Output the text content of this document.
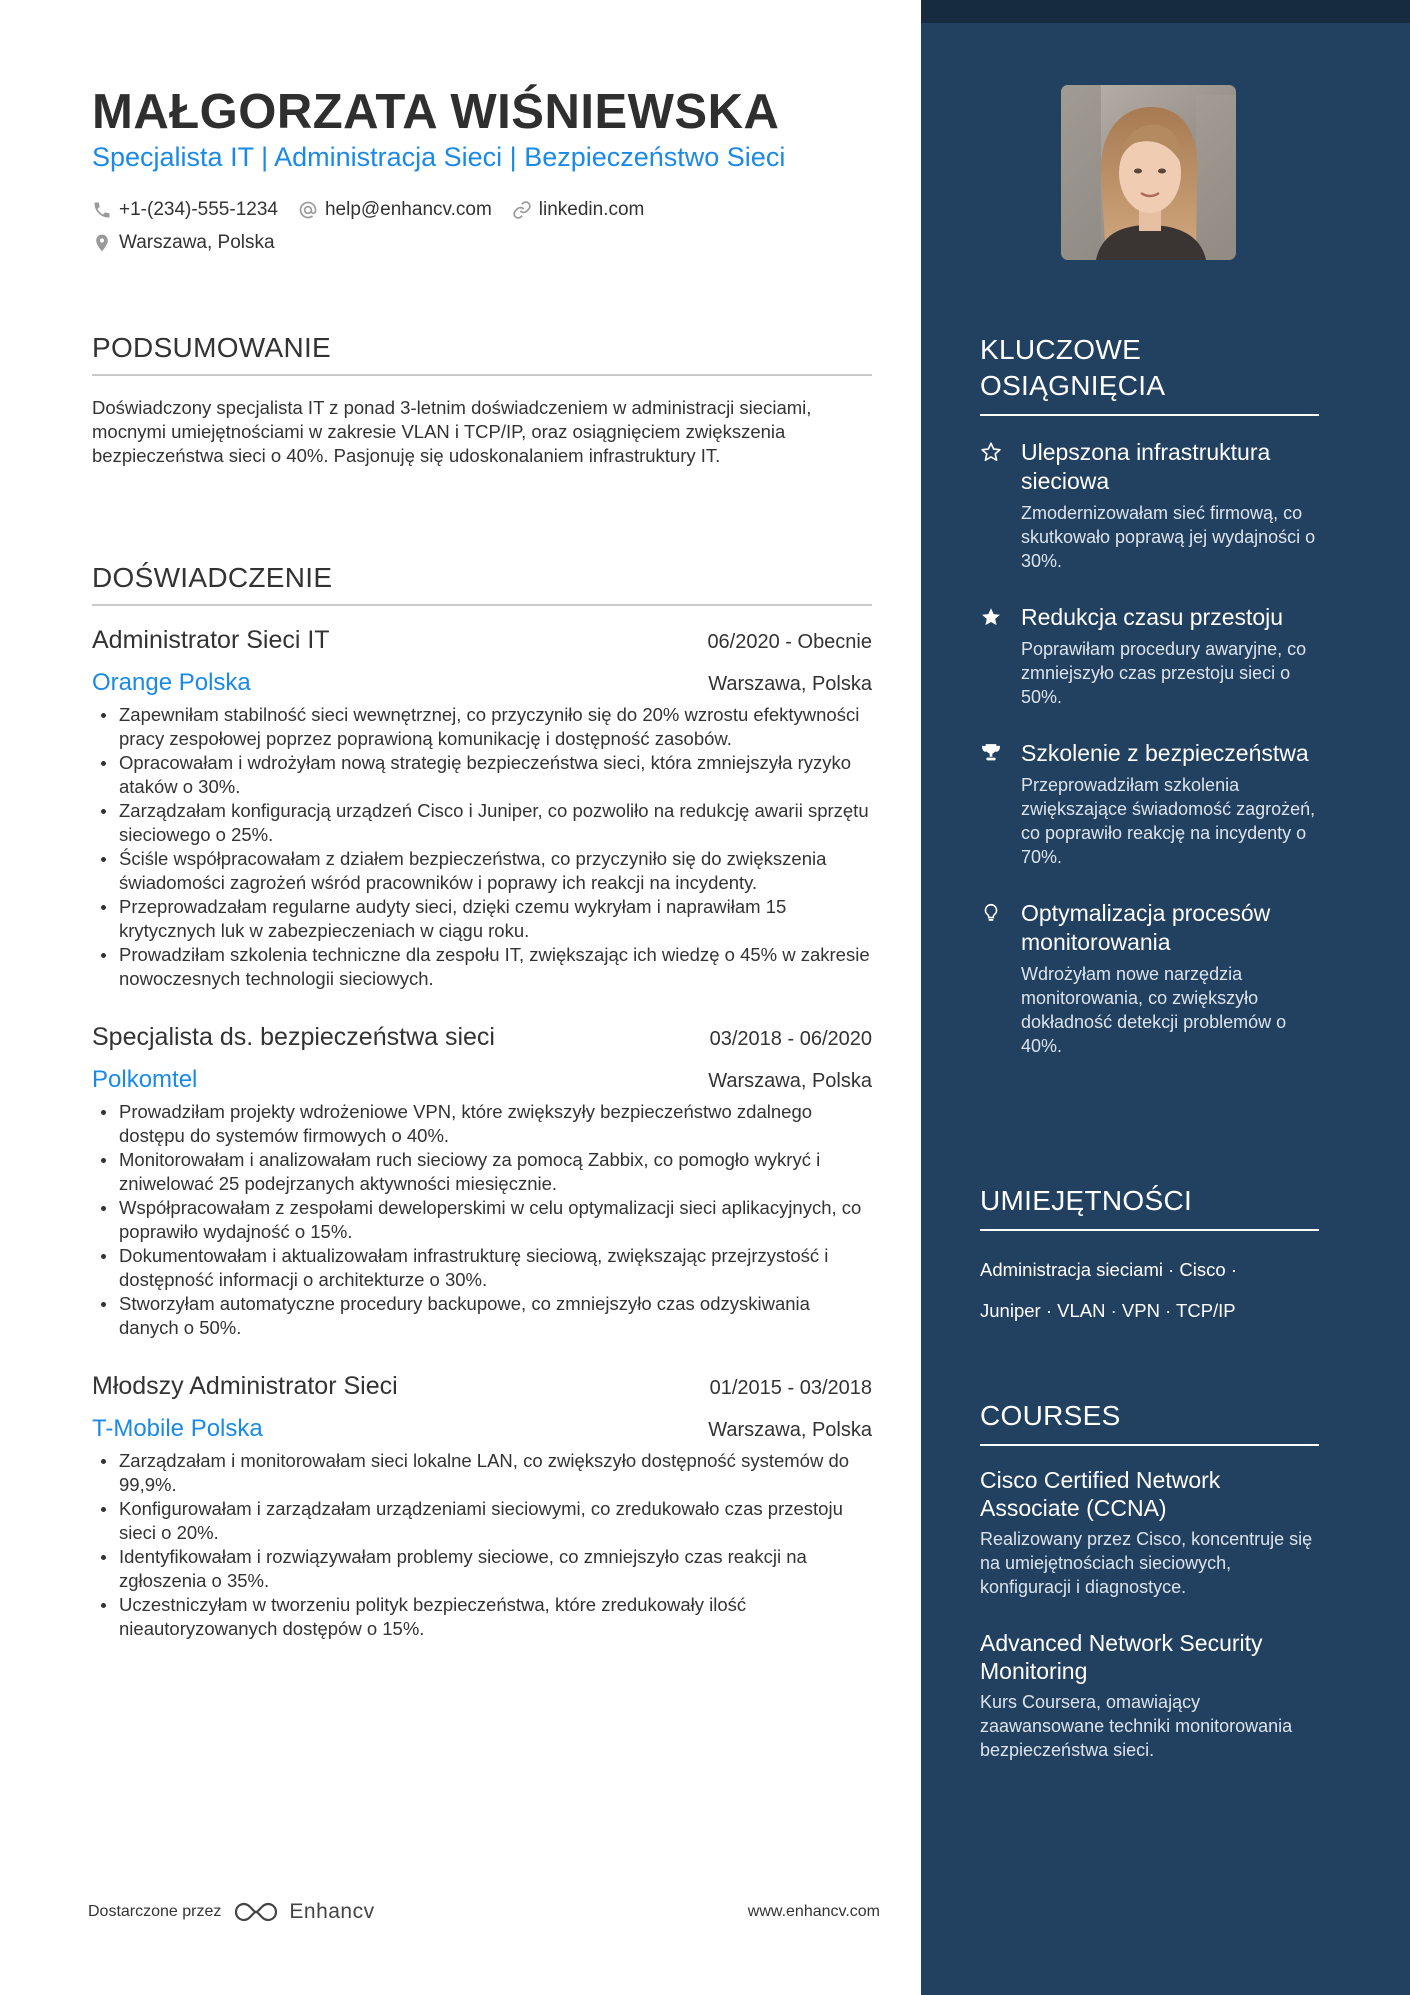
MAŁGORZATA WIŚNIEWSKA
Specjalista IT | Administracja Sieci | Bezpieczeństwo Sieci
+1-(234)-555-1234 help@enhancv.com linkedin.com
Warszawa, Polska
PODSUMOWANIE

Doświadczony specjalista IT z ponad 3-letnim doświadczeniem w administracji sieciami, mocnymi umiejętnościami w zakresie VLAN i TCP/IP, oraz osiągnięciem zwiększenia bezpieczeństwa sieci o 40%. Pasjonuję się udoskonalaniem infrastruktury IT.

DOŚWIADCZENIE
Administrator Sieci IT	06/2020 - Obecnie
Orange Polska	Warszawa, Polska
Zapewniłam stabilność sieci wewnętrznej, co przyczyniło się do 20% wzrostu efektywności pracy zespołowej poprzez poprawioną komunikację i dostępność zasobów.
Opracowałam i wdrożyłam nową strategię bezpieczeństwa sieci, która zmniejszyła ryzyko ataków o 30%.
Zarządzałam konfiguracją urządzeń Cisco i Juniper, co pozwoliło na redukcję awarii sprzętu sieciowego o 25%.
Ściśle współpracowałam z działem bezpieczeństwa, co przyczyniło się do zwiększenia świadomości zagrożeń wśród pracowników i poprawy ich reakcji na incydenty.
Przeprowadzałam regularne audyty sieci, dzięki czemu wykryłam i naprawiłam 15 krytycznych luk w zabezpieczeniach w ciągu roku.
Prowadziłam szkolenia techniczne dla zespołu IT, zwiększając ich wiedzę o 45% w zakresie nowoczesnych technologii sieciowych.
Specjalista ds. bezpieczeństwa sieci	03/2018 - 06/2020
Polkomtel	Warszawa, Polska
Prowadziłam projekty wdrożeniowe VPN, które zwiększyły bezpieczeństwo zdalnego dostępu do systemów firmowych o 40%.
Monitorowałam i analizowałam ruch sieciowy za pomocą Zabbix, co pomogło wykryć i zniwelować 25 podejrzanych aktywności miesięcznie.
Współpracowałam z zespołami deweloperskimi w celu optymalizacji sieci aplikacyjnych, co poprawiło wydajność o 15%.
Dokumentowałam i aktualizowałam infrastrukturę sieciową, zwiększając przejrzystość i dostępność informacji o architekturze o 30%.
Stworzyłam automatyczne procedury backupowe, co zmniejszyło czas odzyskiwania danych o 50%.
Młodszy Administrator Sieci	01/2015 - 03/2018
T-Mobile Polska	Warszawa, Polska
Zarządzałam i monitorowałam sieci lokalne LAN, co zwiększyło dostępność systemów do 99,9%.
Konfigurowałam i zarządzałam urządzeniami sieciowymi, co zredukowało czas przestoju sieci o 20%.
Identyfikowałam i rozwiązywałam problemy sieciowe, co zmniejszyło czas reakcji na zgłoszenia o 35%.
Uczestniczyłam w tworzeniu polityk bezpieczeństwa, które zredukowały ilość nieautoryzowanych dostępów o 15%.
Dostarczone przez	Enhancv	www.enhancv.com
KLUCZOWE
OSIĄGNIĘCIA
Ulepszona infrastruktura sieciowa
Zmodernizowałam sieć firmową, co skutkowało poprawą jej wydajności o 30%.
Redukcja czasu przestoju
Poprawiłam procedury awaryjne, co zmniejszyło czas przestoju sieci o 50%.
Szkolenie z bezpieczeństwa
Przeprowadziłam szkolenia zwiększające świadomość zagrożeń, co poprawiło reakcję na incydenty o 70%.
Optymalizacja procesów monitorowania
Wdrożyłam nowe narzędzia monitorowania, co zwiększyło dokładność detekcji problemów o 40%.
UMIEJĘTNOŚCI
Administracja sieciami · Cisco ·
Juniper · VLAN · VPN · TCP/IP
COURSES
Cisco Certified Network Associate (CCNA)
Realizowany przez Cisco, koncentruje się na umiejętnościach sieciowych, konfiguracji i diagnostyce.
Advanced Network Security Monitoring
Kurs Coursera, omawiający zaawansowane techniki monitorowania bezpieczeństwa sieci.
